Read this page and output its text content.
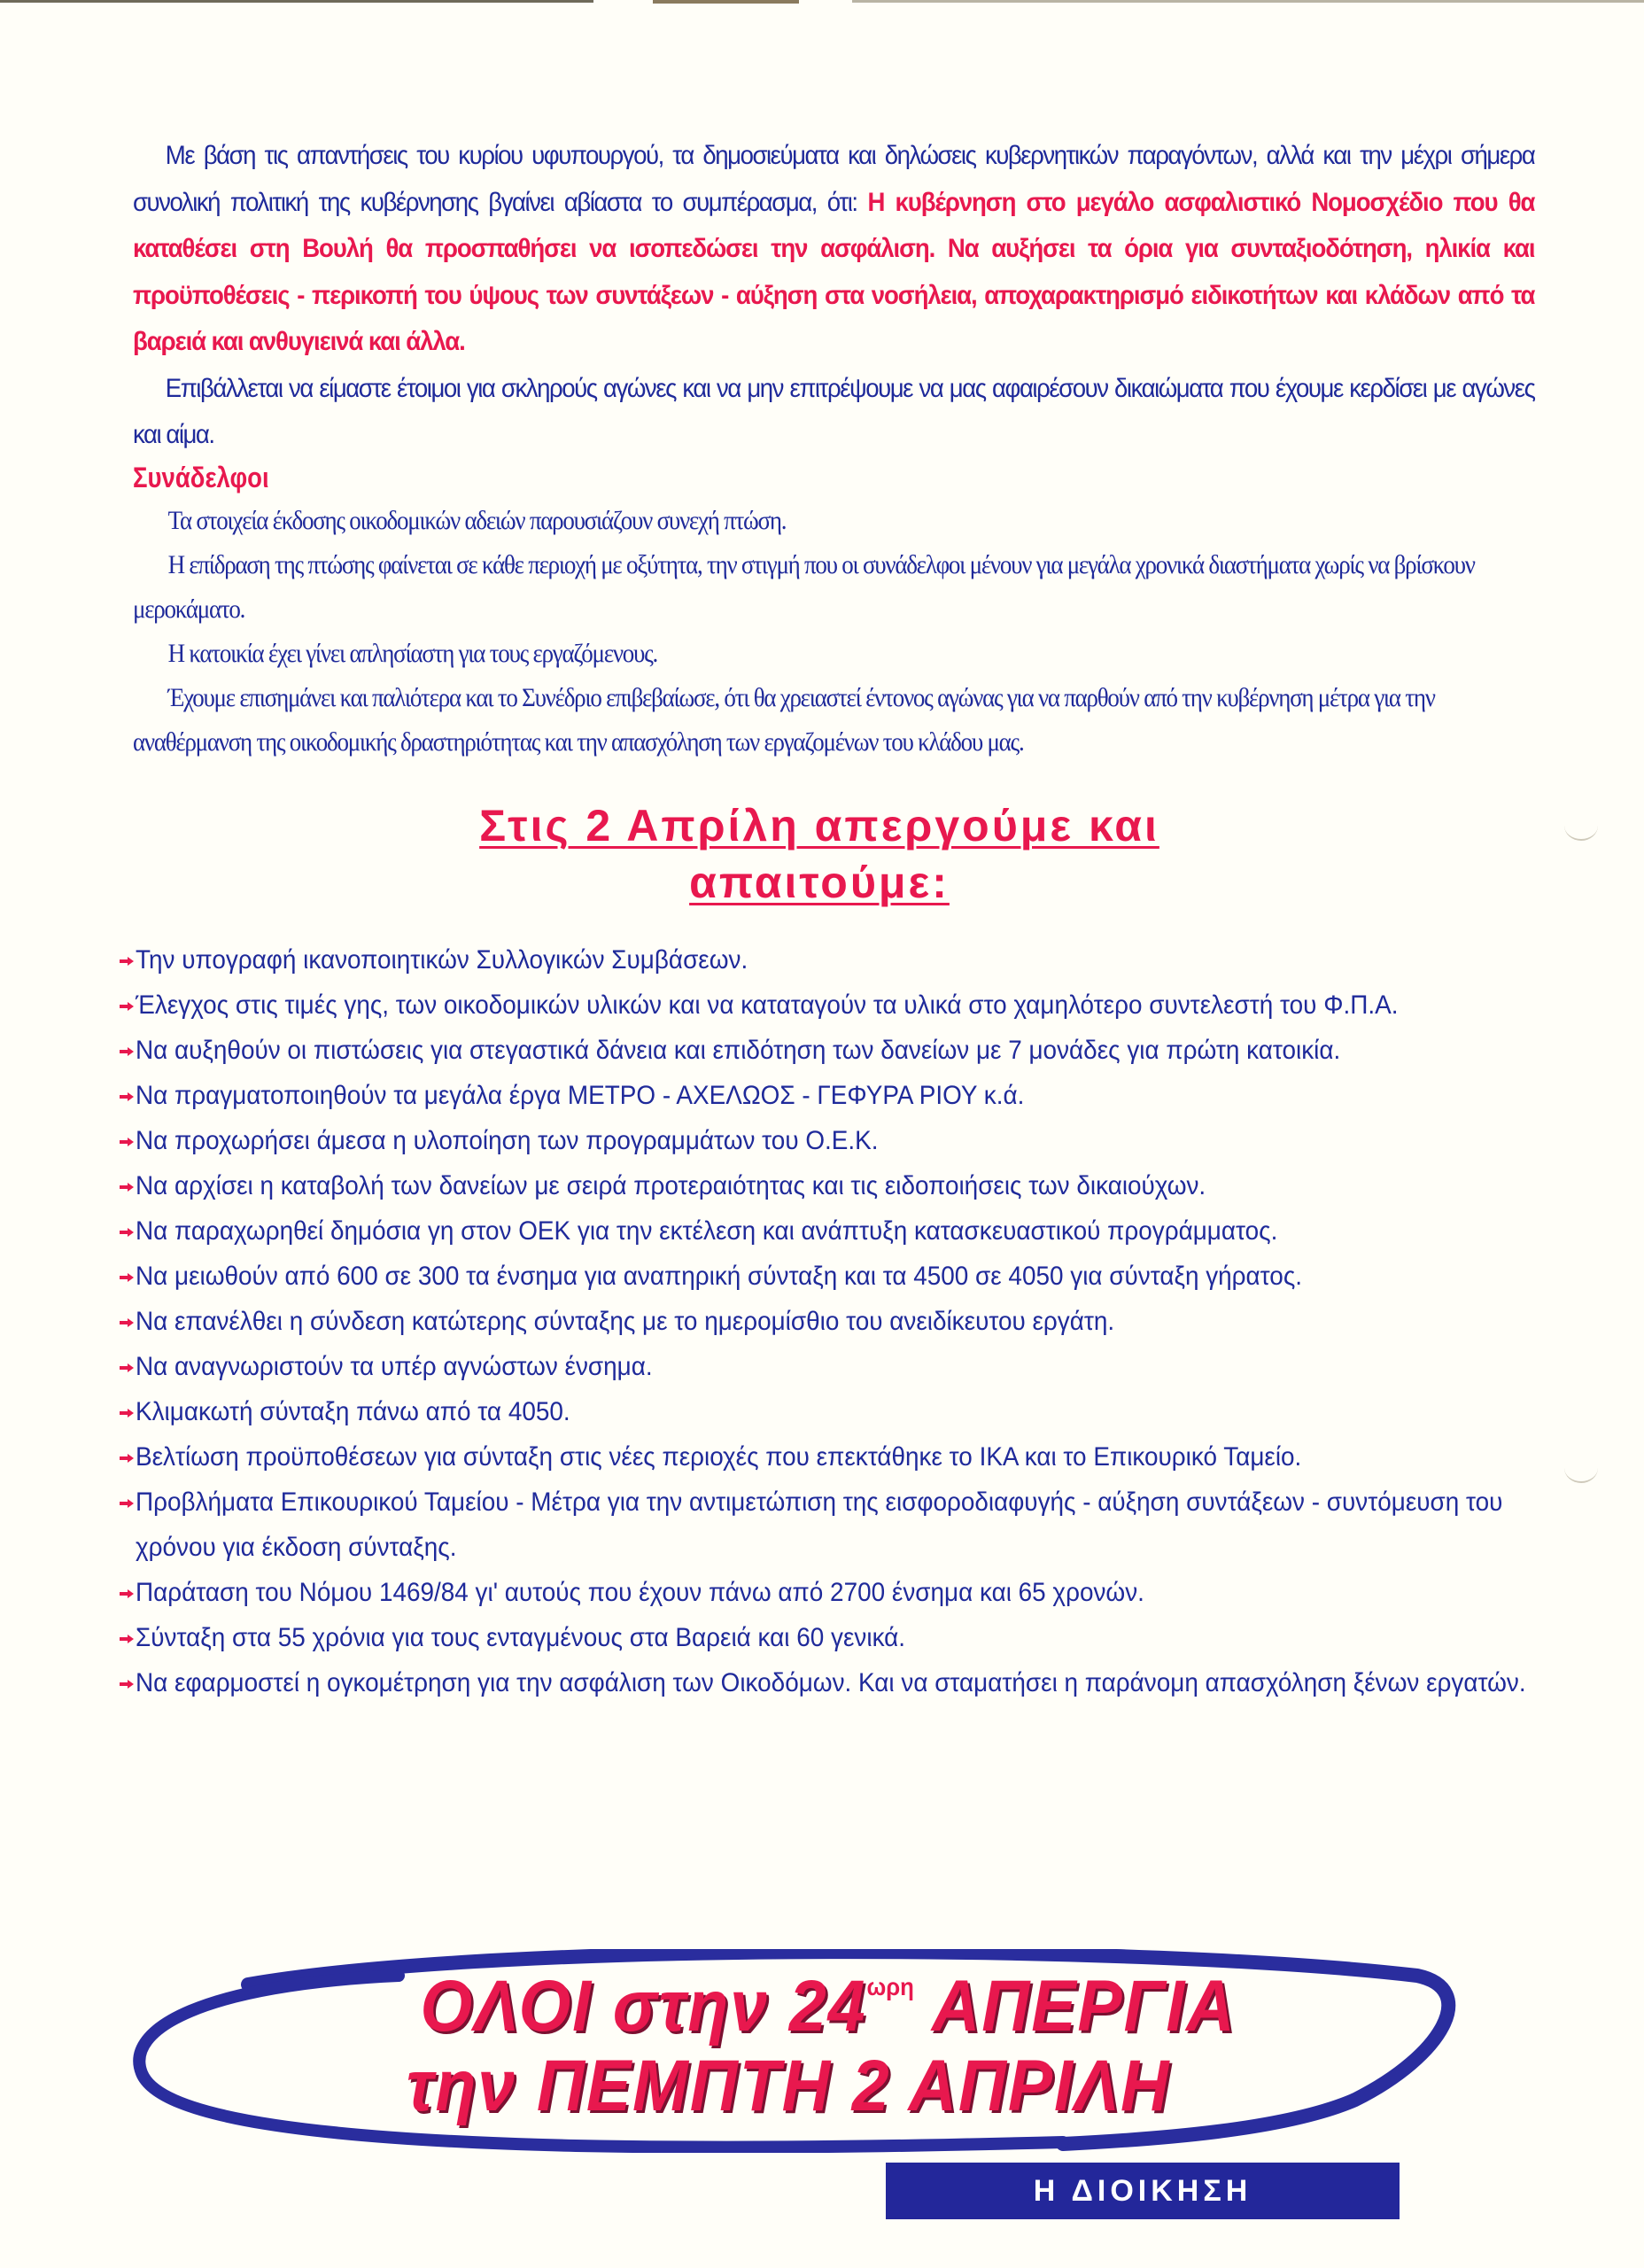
Με βάση τις απαντήσεις του κυρίου υφυπουργού, τα δημοσιεύματα και δηλώσεις κυβερνητικών παραγόντων, αλλά και την μέχρι σήμερα συνολική πολιτική της κυβέρνησης βγαίνει αβίαστα το συμπέρασμα, ότι: Η κυβέρνηση στο μεγάλο ασφαλιστικό Νομοσχέδιο που θα καταθέσει στη Βουλή θα προσπαθήσει να ισοπεδώσει την ασφάλιση. Να αυξήσει τα όρια για συνταξιοδότηση, ηλικία και προϋποθέσεις - περικοπή του ύψους των συντάξεων - αύξηση στα νοσήλεια, αποχαρακτηρισμό ειδικοτήτων και κλάδων από τα βαρειά και ανθυγιεινά και άλλα.

Επιβάλλεται να είμαστε έτοιμοι για σκληρούς αγώνες και να μην επιτρέψουμε να μας αφαιρέσουν δικαιώματα που έχουμε κερδίσει με αγώνες και αίμα.

Συνάδελφοι

Τα στοιχεία έκδοσης οικοδομικών αδειών παρουσιάζουν συνεχή πτώση.

Η επίδραση της πτώσης φαίνεται σε κάθε περιοχή με οξύτητα, την στιγμή που οι συνάδελφοι μένουν για μεγάλα χρονικά διαστήματα χωρίς να βρίσκουν μεροκάματο.

Η κατοικία έχει γίνει απλησίαστη για τους εργαζόμενους.

Έχουμε επισημάνει και παλιότερα και το Συνέδριο επιβεβαίωσε, ότι θα χρειαστεί έντονος αγώνας για να παρθούν από την κυβέρνηση μέτρα για την αναθέρμανση της οικοδομικής δραστηριότητας και την απασχόληση των εργαζομένων του κλάδου μας.

Στις 2 Απρίλη απεργούμε και
απαιτούμε:
Την υπογραφή ικανοποιητικών Συλλογικών Συμβάσεων.
Έλεγχος στις τιμές γης, των οικοδομικών υλικών και να καταταγούν τα υλικά στο χαμηλότερο συντελεστή του Φ.Π.Α.
Να αυξηθούν οι πιστώσεις για στεγαστικά δάνεια και επιδότηση των δανείων με 7 μονάδες για πρώτη κατοικία.
Να πραγματοποιηθούν τα μεγάλα έργα ΜΕΤΡΟ - ΑΧΕΛΩΟΣ - ΓΕΦΥΡΑ ΡΙΟΥ κ.ά.
Να προχωρήσει άμεσα η υλοποίηση των προγραμμάτων του Ο.Ε.Κ.
Να αρχίσει η καταβολή των δανείων με σειρά προτεραιότητας και τις ειδοποιήσεις των δικαιούχων.
Να παραχωρηθεί δημόσια γη στον ΟΕΚ για την εκτέλεση και ανάπτυξη κατασκευαστικού προγράμματος.
Να μειωθούν από 600 σε 300 τα ένσημα για αναπηρική σύνταξη και τα 4500 σε 4050 για σύνταξη γήρατος.
Να επανέλθει η σύνδεση κατώτερης σύνταξης με το ημερομίσθιο του ανειδίκευτου εργάτη.
Να αναγνωριστούν τα υπέρ αγνώστων ένσημα.
Κλιμακωτή σύνταξη πάνω από τα 4050.
Βελτίωση προϋποθέσεων για σύνταξη στις νέες περιοχές που επεκτάθηκε το ΙΚΑ και το Επικουρικό Ταμείο.
Προβλήματα Επικουρικού Ταμείου - Μέτρα για την αντιμετώπιση της εισφοροδιαφυγής - αύξηση συντάξεων - συντόμευση του χρόνου για έκδοση σύνταξης.
Παράταση του Νόμου 1469/84 γι' αυτούς που έχουν πάνω από 2700 ένσημα και 65 χρονών.
Σύνταξη στα 55 χρόνια για τους ενταγμένους στα Βαρειά και 60 γενικά.
Να εφαρμοστεί η ογκομέτρηση για την ασφάλιση των Οικοδόμων. Και να σταματήσει η παράνομη απασχόληση ξένων εργατών.
ΟΛΟΙ στην $24^{\omega\rho\eta}$ ΑΠΕΡΓΙΑ
την ΠΕΜΠΤΗ 2 ΑΠΡΙΛΗ
Η ΔΙΟΙΚΗΣΗ
